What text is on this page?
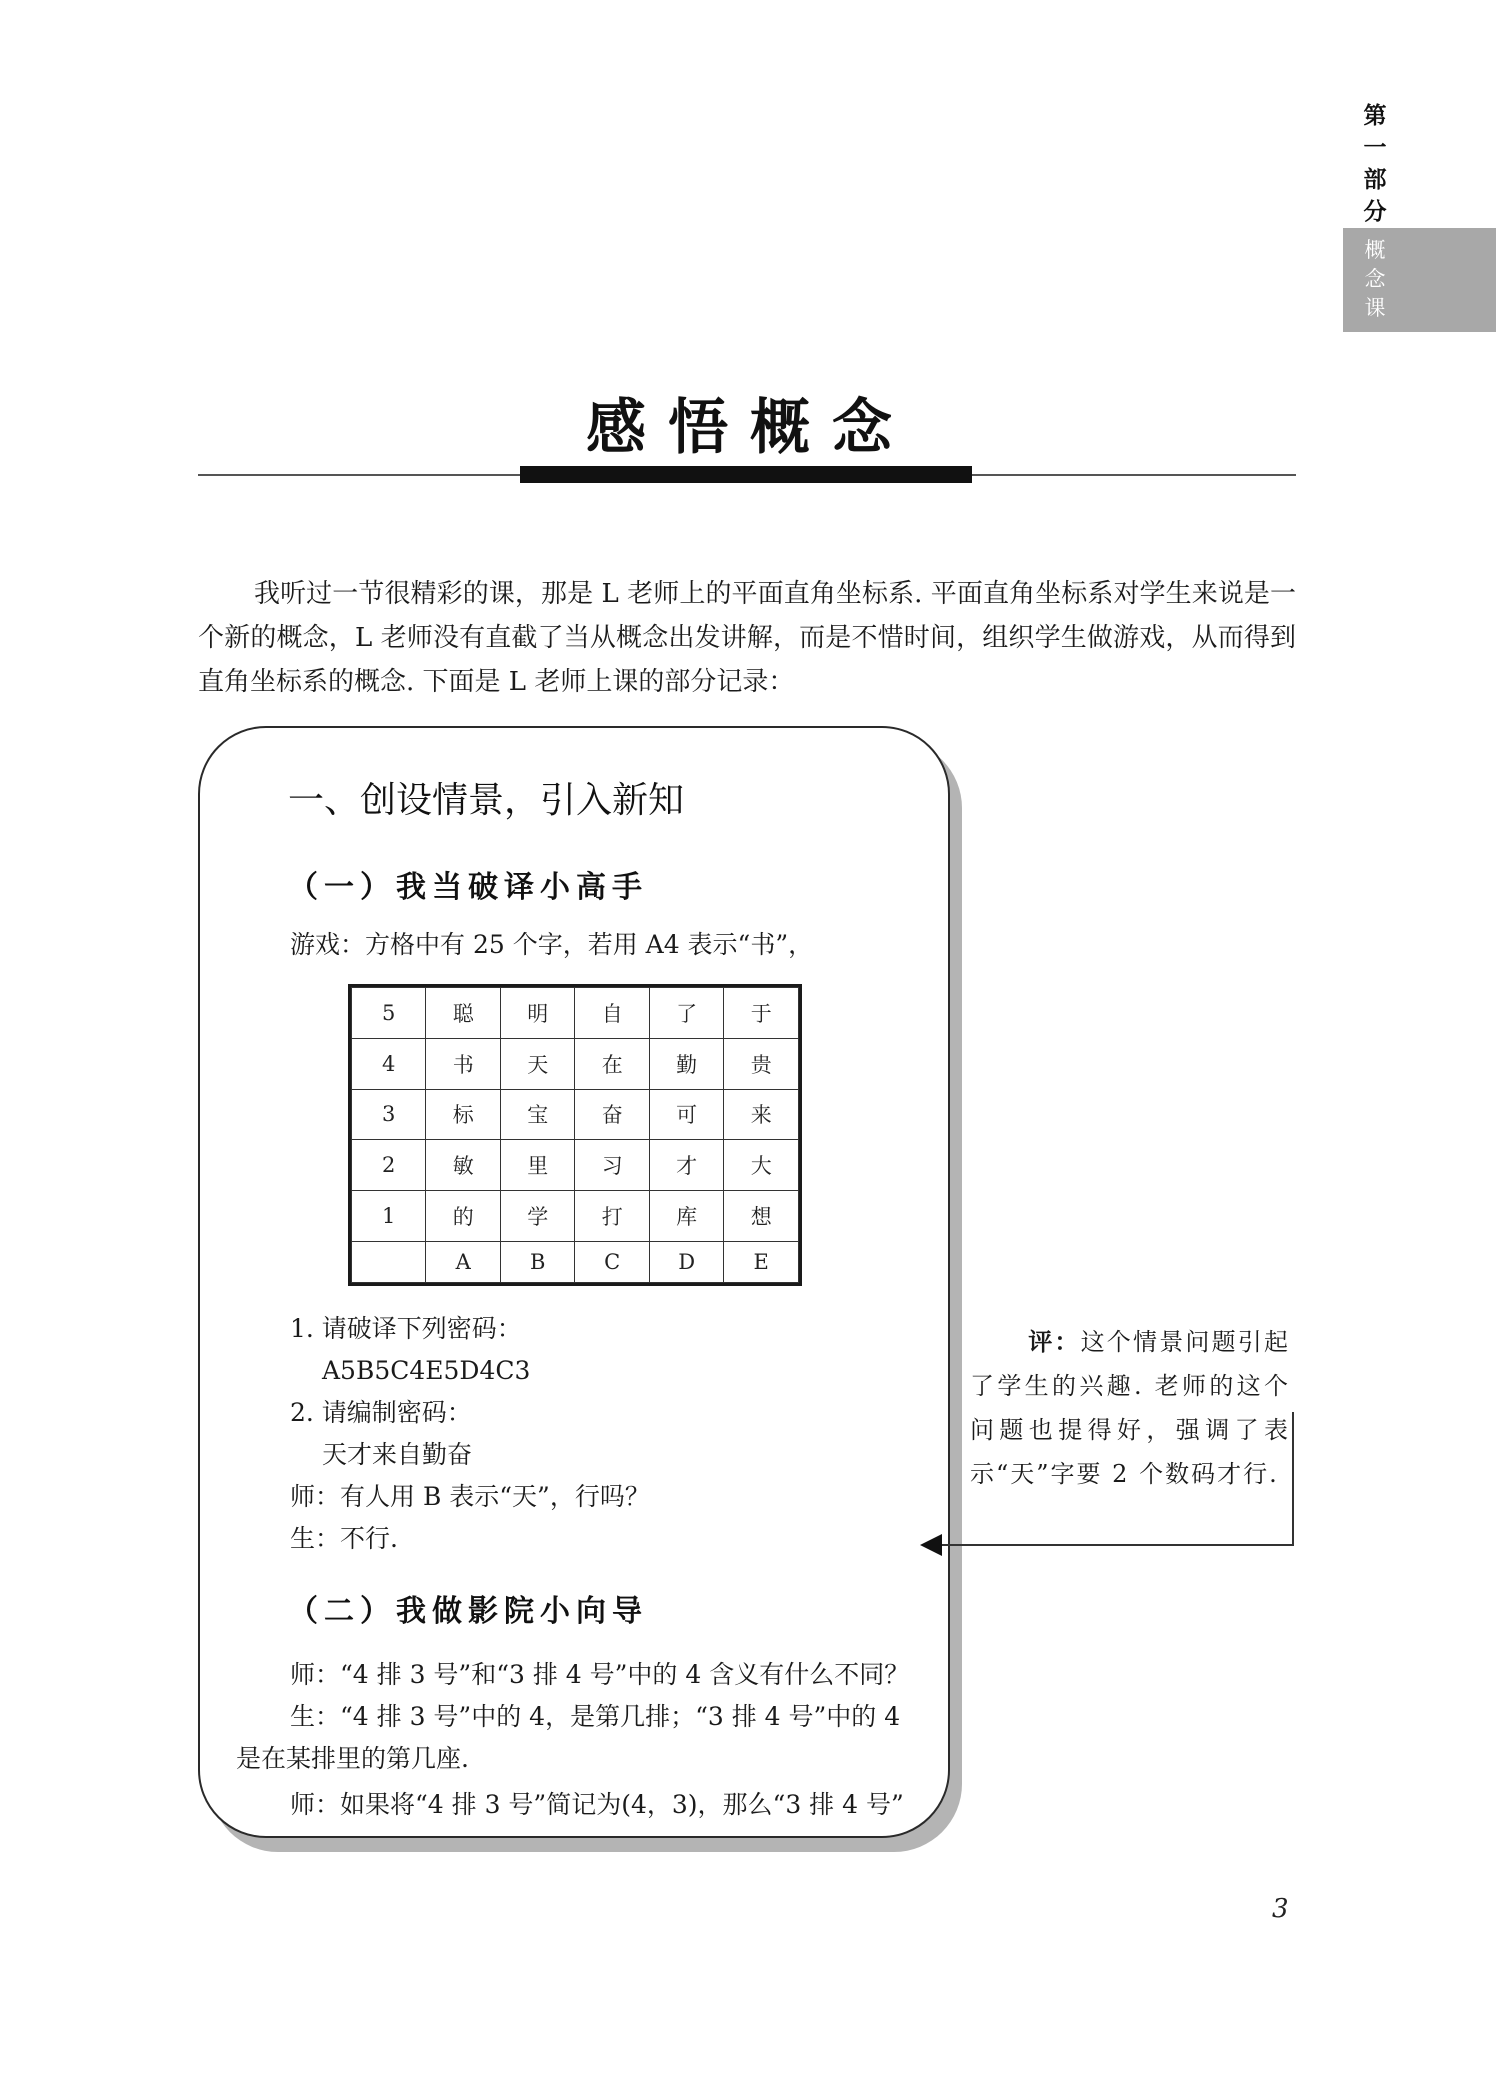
第
一
部
分
概
念
课
感悟概念
我听过一节很精彩的课，那是 L 老师上的平面直角坐标系. 平面直角坐标系对学生来说是一个新的概念，L 老师没有直截了当从概念出发讲解，而是不惜时间，组织学生做游戏，从而得到直角坐标系的概念. 下面是 L 老师上课的部分记录：
一、创设情景，引入新知
（一）我当破译小高手
游戏：方格中有 25 个字，若用 A4 表示“书”，
5	聪	明	自	了	于
4	书	天	在	勤	贵
3	标	宝	奋	可	来
2	敏	里	习	才	大
1	的	学	打	库	想
	A	B	C	D	E
1. 请破译下列密码：
A5B5C4E5D4C3
2. 请编制密码：
天才来自勤奋
师：有人用 B 表示“天”，行吗？
生：不行.
（二）我做影院小向导
师：“4 排 3 号”和“3 排 4 号”中的 4 含义有什么不同？
生：“4 排 3 号”中的 4，是第几排；“3 排 4 号”中的 4
是在某排里的第几座.
师：如果将“4 排 3 号”简记为(4，3)，那么“3 排 4 号”
评：这个情景问题引起了学生的兴趣. 老师的这个问题也提得好，强调了表示“天”字要 2 个数码才行.
3
